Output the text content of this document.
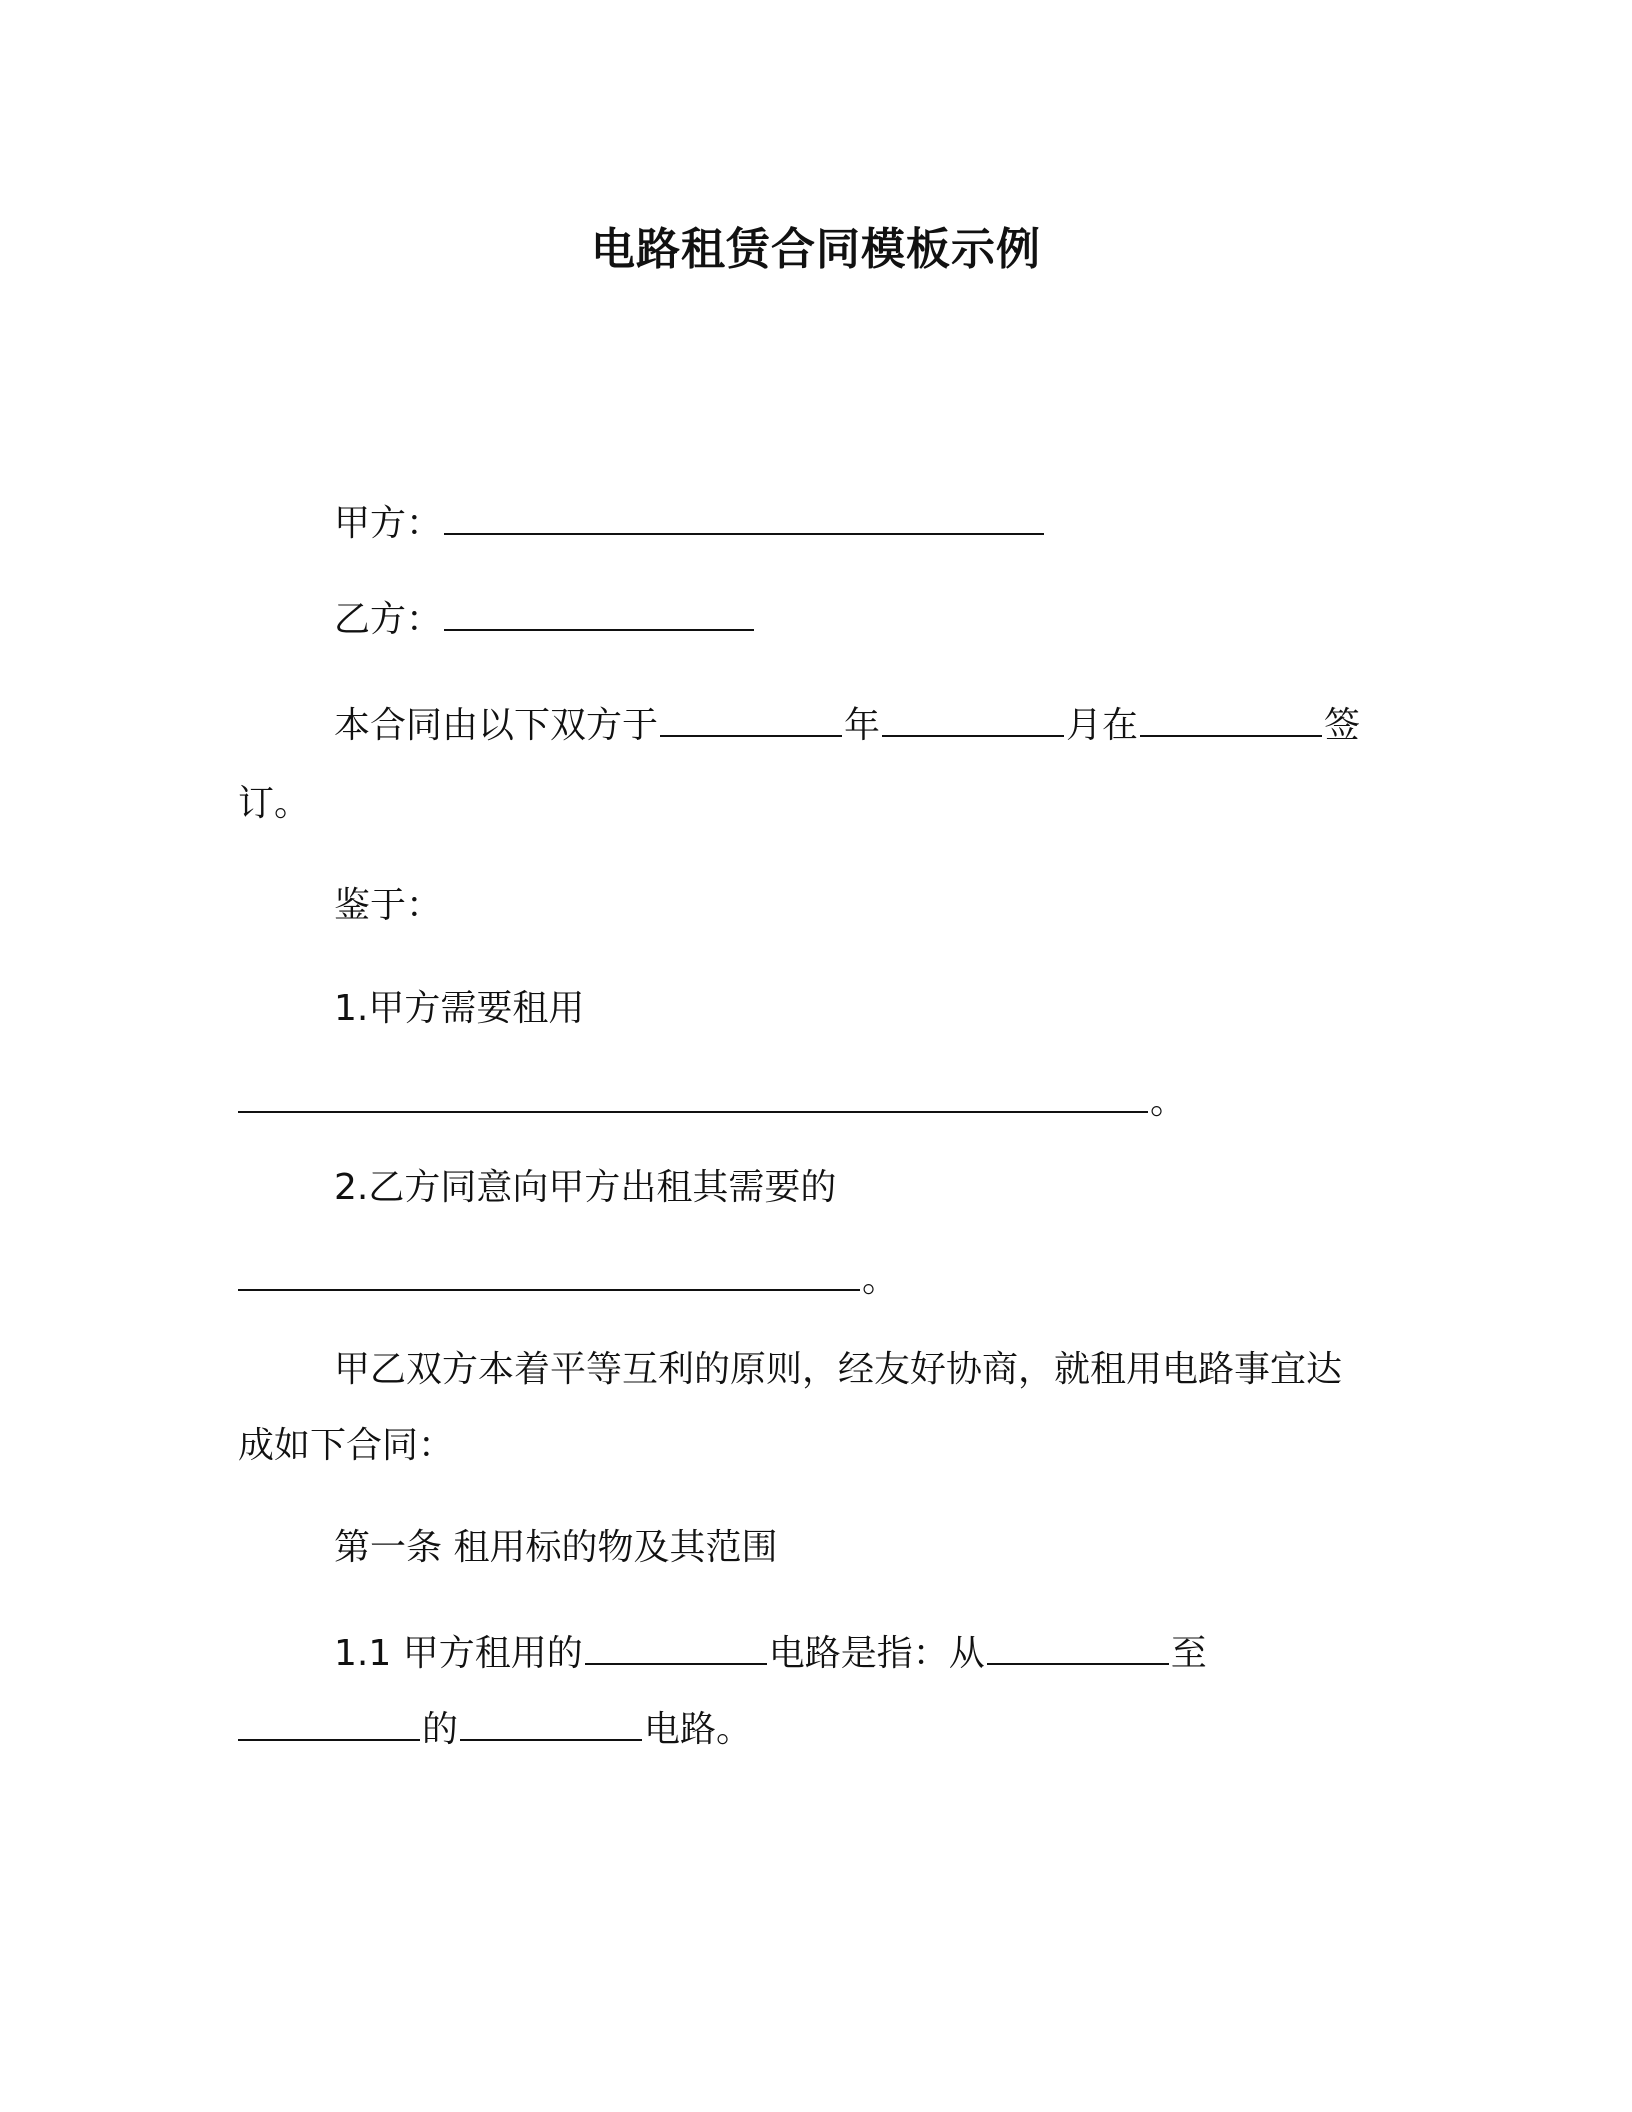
电路租赁合同模板示例
甲方：
乙方：
本合同由以下双方于	年	月在	签
订。
鉴于：
1.甲方需要租用
。
2.乙方同意向甲方出租其需要的
。
甲乙双方本着平等互利的原则，经友好协商，就租用电路事宜达
成如下合同：
第一条 租用标的物及其范围
1.1 甲方租用的	电路是指：从	至
的	电路。
